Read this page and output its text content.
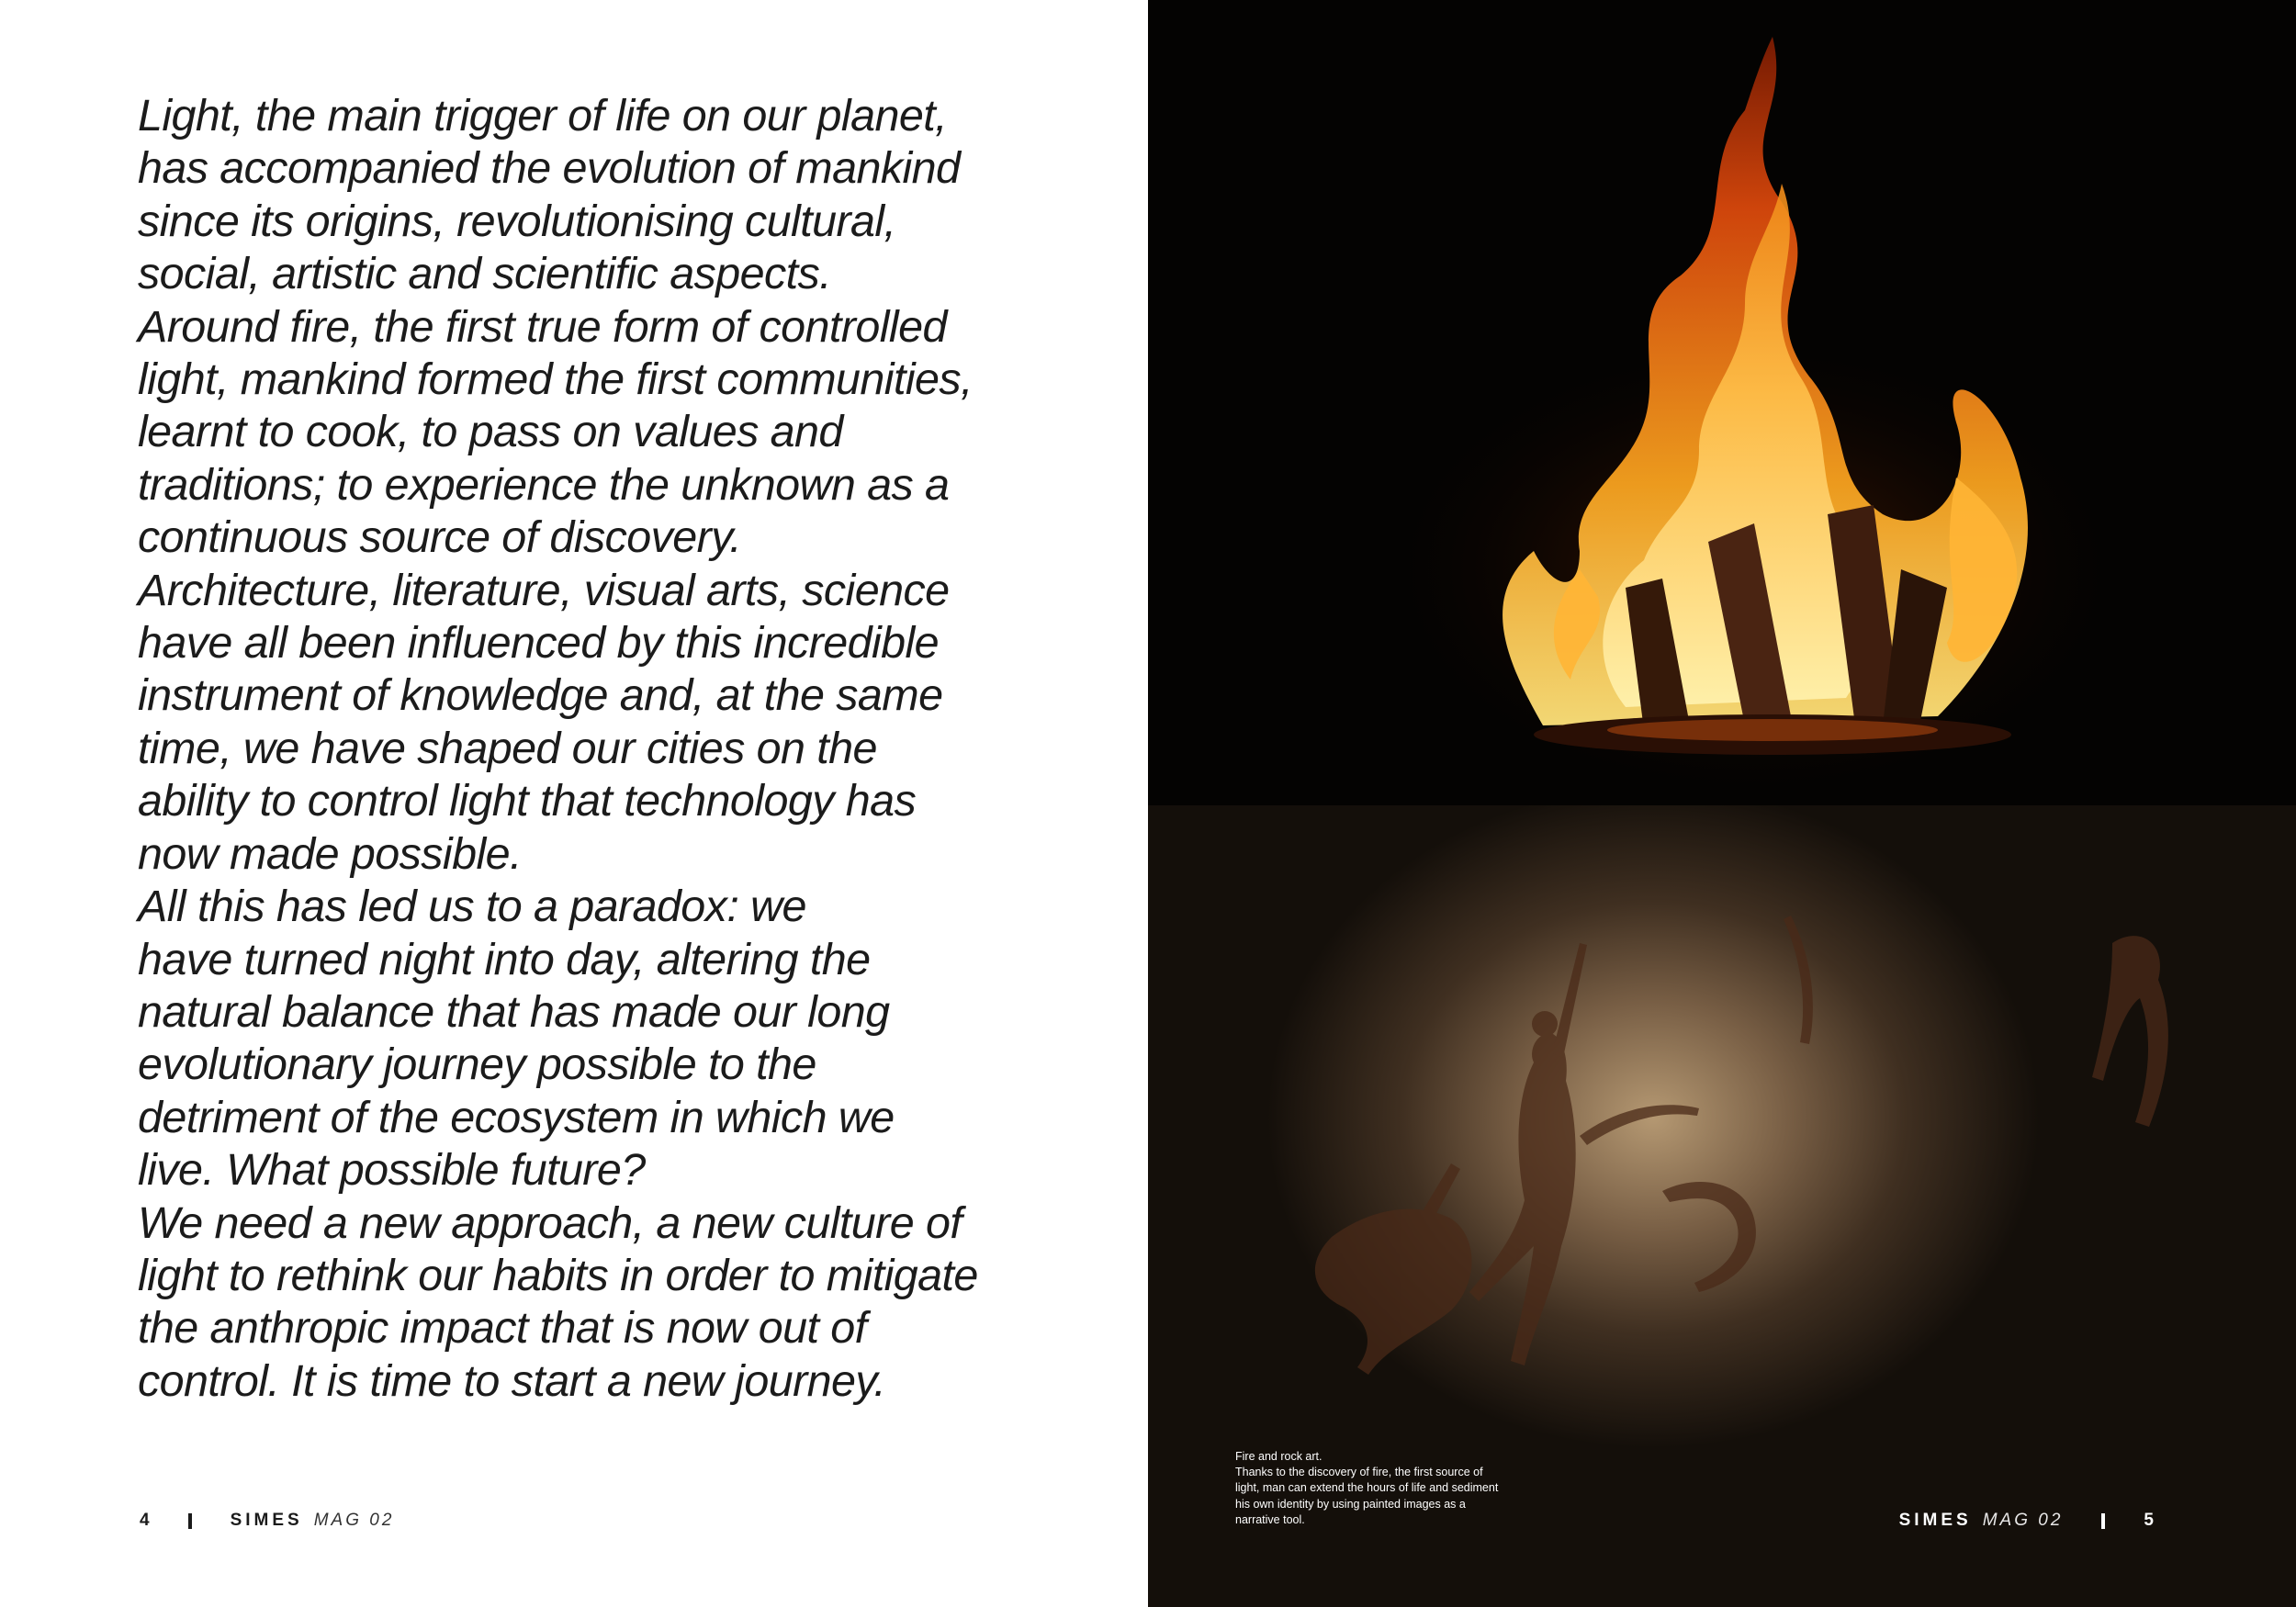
Light, the main trigger of life on our planet,
has accompanied the evolution of mankind
since its origins, revolutionising cultural,
social, artistic and scientific aspects.
Around fire, the first true form of controlled
light, mankind formed the first communities,
learnt to cook, to pass on values and
traditions; to experience the unknown as a
continuous source of discovery.
Architecture, literature, visual arts, science
have all been influenced by this incredible
instrument of knowledge and, at the same
time, we have shaped our cities on the
ability to control light that technology has
now made possible.
All this has led us to a paradox: we
have turned night into day, altering the
natural balance that has made our long
evolutionary journey possible to the
detriment of the ecosystem in which we
live. What possible future?
We need a new approach, a new culture of
light to rethink our habits in order to mitigate
the anthropic impact that is now out of
control. It is time to start a new journey.

4	SIMES MAG 02
Fire and rock art.
Thanks to the discovery of fire, the first source of
light, man can extend the hours of life and sediment
his own identity by using painted images as a
narrative tool.	SIMES MAG 02	5
